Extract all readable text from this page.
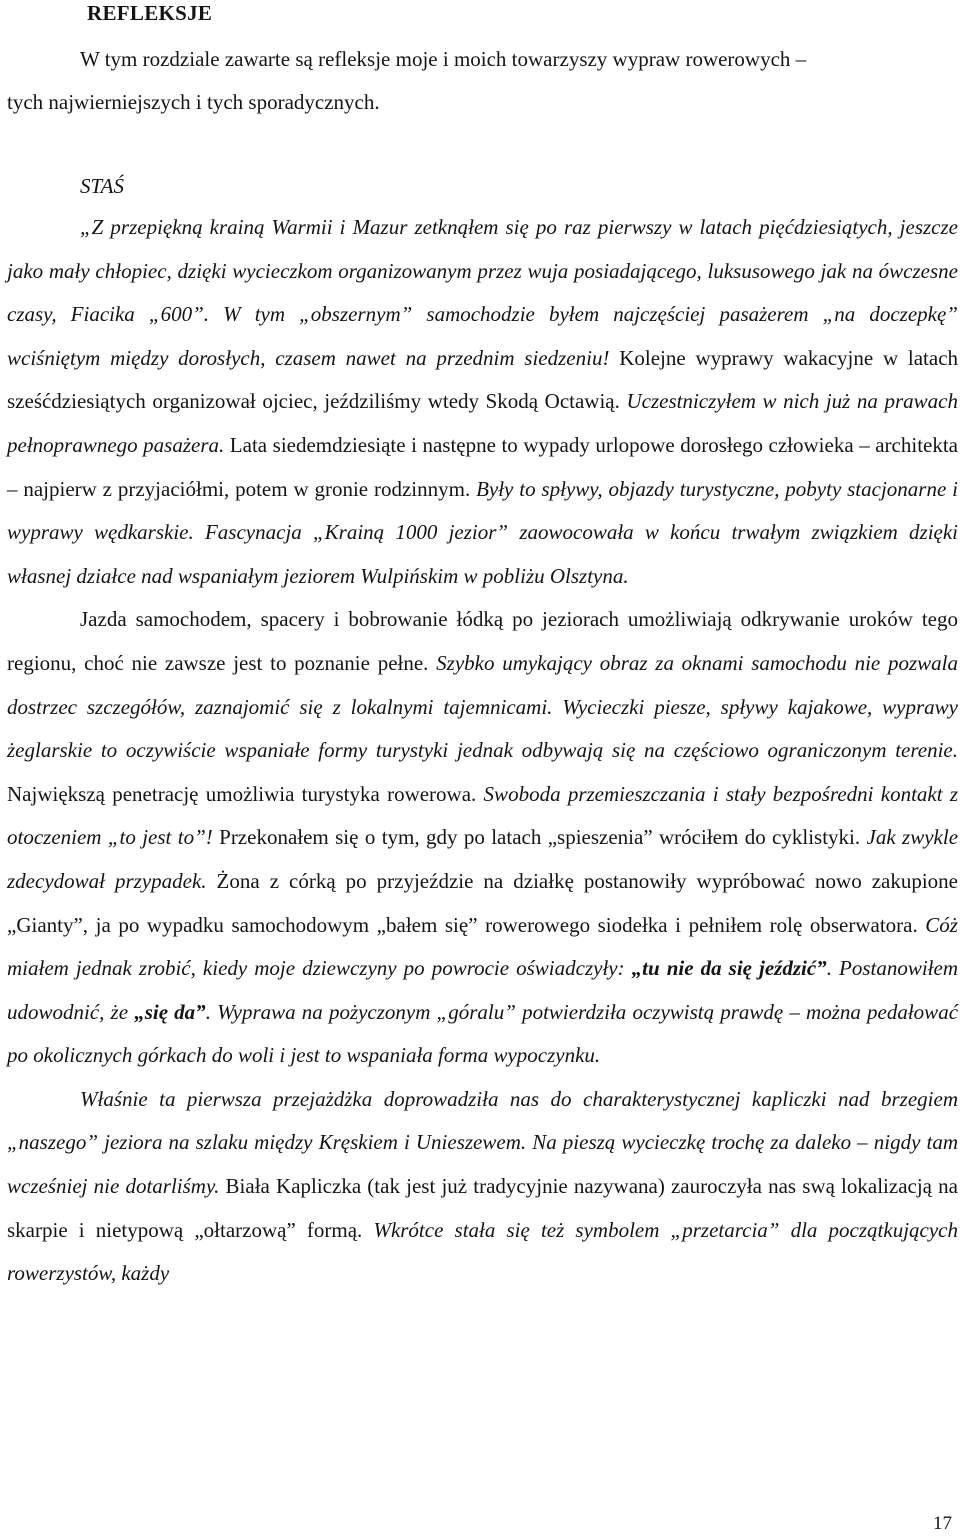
REFLEKSJE
W tym rozdziale zawarte są refleksje moje i moich towarzyszy wypraw rowerowych –
tych najwierniejszych i tych sporadycznych.
STAŚ

„Z przepiękną krainą Warmii i Mazur zetknąłem się po raz pierwszy w latach pięćdziesiątych, jeszcze jako mały chłopiec, dzięki wycieczkom organizowanym przez wuja posiadającego, luksusowego jak na ówczesne czasy, Fiacika „600”. W tym „obszernym” samochodzie byłem najczęściej pasażerem „na doczepkę” wciśniętym między dorosłych, czasem nawet na przednim siedzeniu! Kolejne wyprawy wakacyjne w latach sześćdziesiątych organizował ojciec, jeździliśmy wtedy Skodą Octawią. Uczestniczyłem w nich już na prawach pełnoprawnego pasażera. Lata siedemdziesiąte i następne to wypady urlopowe dorosłego człowieka – architekta – najpierw z przyjaciółmi, potem w gronie rodzinnym. Były to spływy, objazdy turystyczne, pobyty stacjonarne i wyprawy wędkarskie. Fascynacja „Krainą 1000 jezior” zaowocowała w końcu trwałym związkiem dzięki własnej działce nad wspaniałym jeziorem Wulpińskim w pobliżu Olsztyna.

Jazda samochodem, spacery i bobrowanie łódką po jeziorach umożliwiają odkrywanie uroków tego regionu, choć nie zawsze jest to poznanie pełne. Szybko umykający obraz za oknami samochodu nie pozwala dostrzec szczegółów, zaznajomić się z lokalnymi tajemnicami. Wycieczki piesze, spływy kajakowe, wyprawy żeglarskie to oczywiście wspaniałe formy turystyki jednak odbywają się na częściowo ograniczonym terenie. Największą penetrację umożliwia turystyka rowerowa. Swoboda przemieszczania i stały bezpośredni kontakt z otoczeniem „to jest to”! Przekonałem się o tym, gdy po latach „spieszenia” wróciłem do cyklistyki. Jak zwykle zdecydował przypadek. Żona z córką po przyjeździe na działkę postanowiły wypróbować nowo zakupione „Gianty”, ja po wypadku samochodowym „bałem się” rowerowego siodełka i pełniłem rolę obserwatora. Cóż miałem jednak zrobić, kiedy moje dziewczyny po powrocie oświadczyły: „tu nie da się jeździć”. Postanowiłem udowodnić, że „się da”. Wyprawa na pożyczonym „góralu” potwierdziła oczywistą prawdę – można pedałować po okolicznych górkach do woli i jest to wspaniała forma wypoczynku.

Właśnie ta pierwsza przejażdżka doprowadziła nas do charakterystycznej kapliczki nad brzegiem „naszego” jeziora na szlaku między Kręskiem i Unieszewem. Na pieszą wycieczkę trochę za daleko – nigdy tam wcześniej nie dotarliśmy. Biała Kapliczka (tak jest już tradycyjnie nazywana) zauroczyła nas swą lokalizacją na skarpie i nietypową „ołtarzową” formą. Wkrótce stała się też symbolem „przetarcia” dla początkujących rowerzystów, każdy

17
